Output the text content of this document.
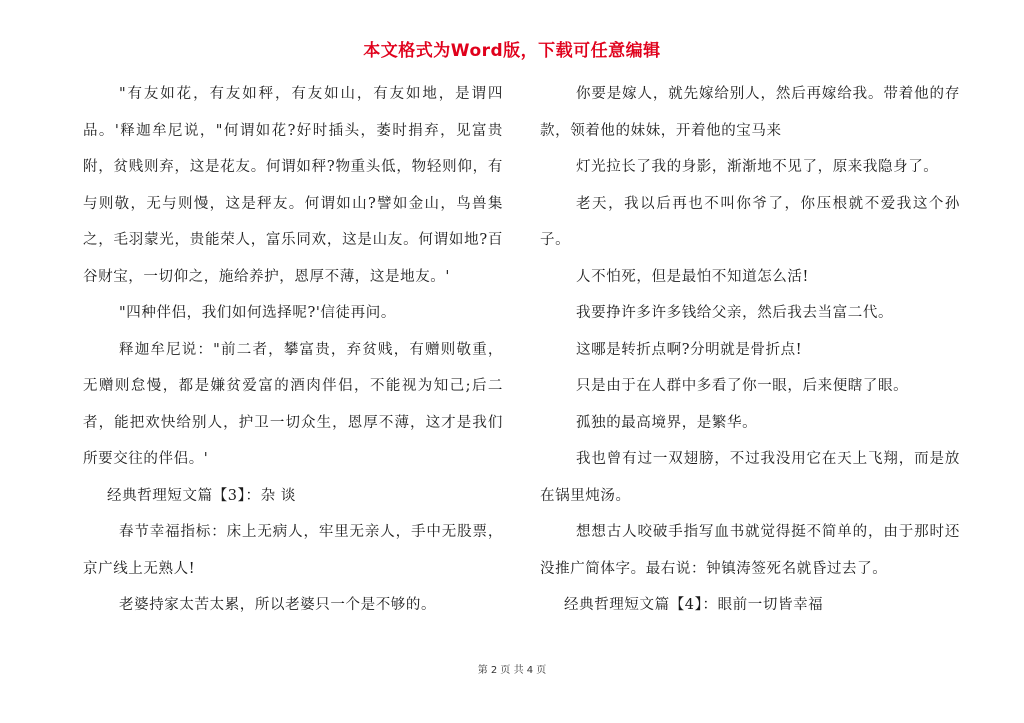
本文格式为Word版，下载可任意编辑

"有友如花，有友如秤，有友如山，有友如地，是谓四品。'释迦牟尼说，"何谓如花?好时插头，萎时捐弃，见富贵附，贫贱则弃，这是花友。何谓如秤?物重头低，物轻则仰，有与则敬，无与则慢，这是秤友。何谓如山?譬如金山，鸟兽集之，毛羽蒙光，贵能荣人，富乐同欢，这是山友。何谓如地?百谷财宝，一切仰之，施给养护，恩厚不薄，这是地友。'

"四种伴侣，我们如何选择呢?'信徒再问。

释迦牟尼说："前二者，攀富贵，弃贫贱，有赠则敬重，无赠则怠慢，都是嫌贫爱富的酒肉伴侣，不能视为知己;后二者，能把欢快给别人，护卫一切众生，恩厚不薄，这才是我们所要交往的伴侣。'

经典哲理短文篇【3】：杂 谈

春节幸福指标：床上无病人，牢里无亲人，手中无股票，京广线上无熟人!

老婆持家太苦太累，所以老婆只一个是不够的。

你要是嫁人，就先嫁给别人，然后再嫁给我。带着他的存款，领着他的妹妹，开着他的宝马来

灯光拉长了我的身影，渐渐地不见了，原来我隐身了。

老天，我以后再也不叫你爷了，你压根就不爱我这个孙子。

人不怕死，但是最怕不知道怎么活!

我要挣许多许多钱给父亲，然后我去当富二代。

这哪是转折点啊?分明就是骨折点!

只是由于在人群中多看了你一眼，后来便瞎了眼。

孤独的最高境界，是繁华。

我也曾有过一双翅膀，不过我没用它在天上飞翔，而是放在锅里炖汤。

想想古人咬破手指写血书就觉得挺不简单的，由于那时还没推广简体字。最右说：钟镇涛签死名就昏过去了。

经典哲理短文篇【4】：眼前一切皆幸福

第 2 页 共 4 页
